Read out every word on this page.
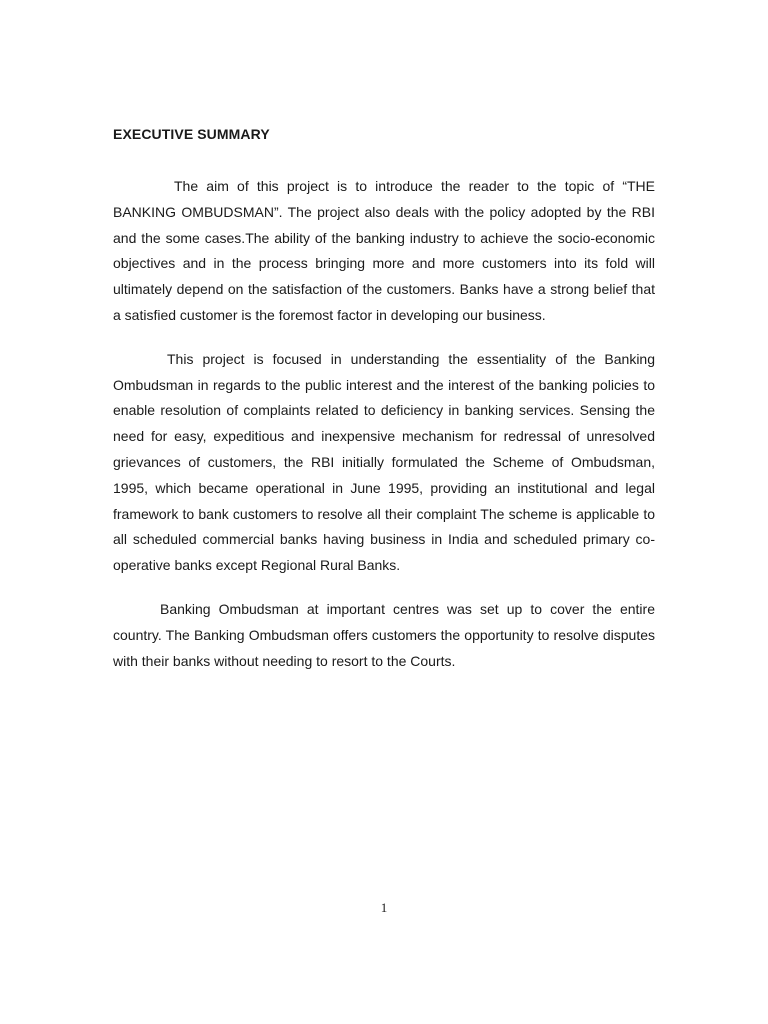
EXECUTIVE SUMMARY

The aim of this project is to introduce the reader to the topic of “THE BANKING OMBUDSMAN”. The project also deals with the policy adopted by the RBI and the some cases.The ability of the banking industry to achieve the socio-economic objectives and in the process bringing more and more customers into its fold will ultimately depend on the satisfaction of the customers. Banks have a strong belief that a satisfied customer is the foremost factor in developing our business.

This project is focused in understanding the essentiality of the Banking Ombudsman in regards to the public interest and the interest of the banking policies to enable resolution of complaints related to deficiency in banking services. Sensing the need for easy, expeditious and inexpensive mechanism for redressal of unresolved grievances of customers, the RBI initially formulated the Scheme of Ombudsman, 1995, which became operational in June 1995, providing an institutional and legal framework to bank customers to resolve all their complaint The scheme is applicable to all scheduled commercial banks having business in India and scheduled primary co-operative banks except Regional Rural Banks.

Banking Ombudsman at important centres was set up to cover the entire country. The Banking Ombudsman offers customers the opportunity to resolve disputes with their banks without needing to resort to the Courts.

1
